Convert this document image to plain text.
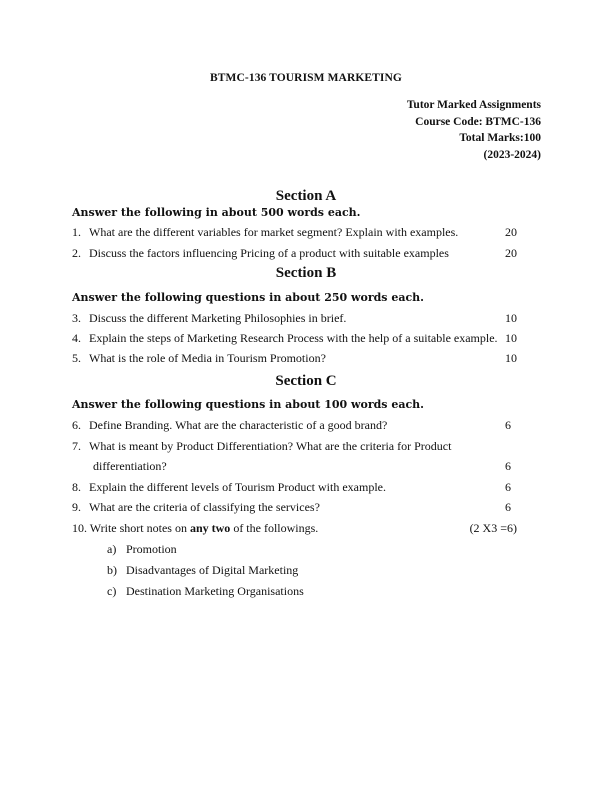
BTMC-136 TOURISM MARKETING
Tutor Marked Assignments
Course Code: BTMC-136
Total Marks:100
(2023-2024)
Section A
Answer the following in about 500 words each.
1. What are the different variables for market segment? Explain with examples.	20
2. Discuss the factors influencing Pricing of a product with suitable examples	20
Section B
Answer the following questions in about 250 words each.
3. Discuss the different Marketing Philosophies in brief.	10
4. Explain the steps of Marketing Research Process with the help of a suitable example. 10
5. What is the role of Media in Tourism Promotion?	10
Section C
Answer the following questions in about 100 words each.
6. Define Branding. What are the characteristic of a good brand?	6
7. What is meant by Product Differentiation? What are the criteria for Product
differentiation?	6
8. Explain the different levels of Tourism Product with example.	6
9. What are the criteria of classifying the services?	6
10. Write short notes on any two of the followings.	(2 X3 =6)
a) Promotion
b) Disadvantages of Digital Marketing
c) Destination Marketing Organisations
